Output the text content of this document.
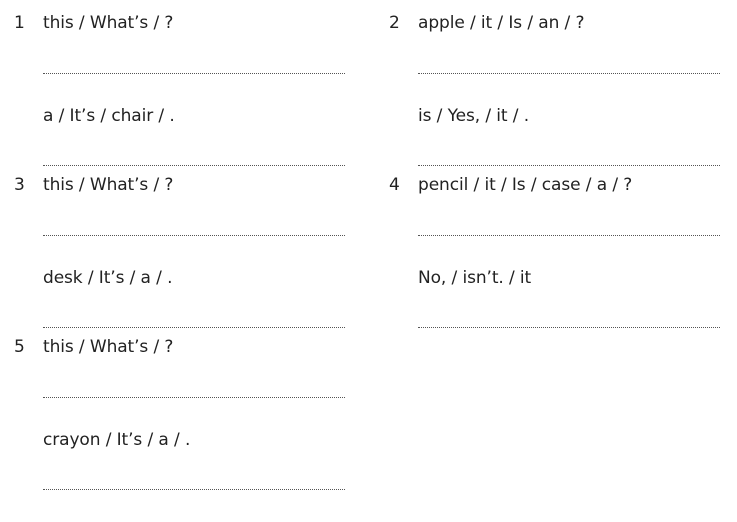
1 this / What’s / ?
a / It’s / chair / .
2 apple / it / Is / an / ?
is / Yes, / it / .
3 this / What’s / ?
desk / It’s / a / .
4 pencil / it / Is / case / a / ?
No, / isn’t. / it
5 this / What’s / ?
crayon / It’s / a / .
